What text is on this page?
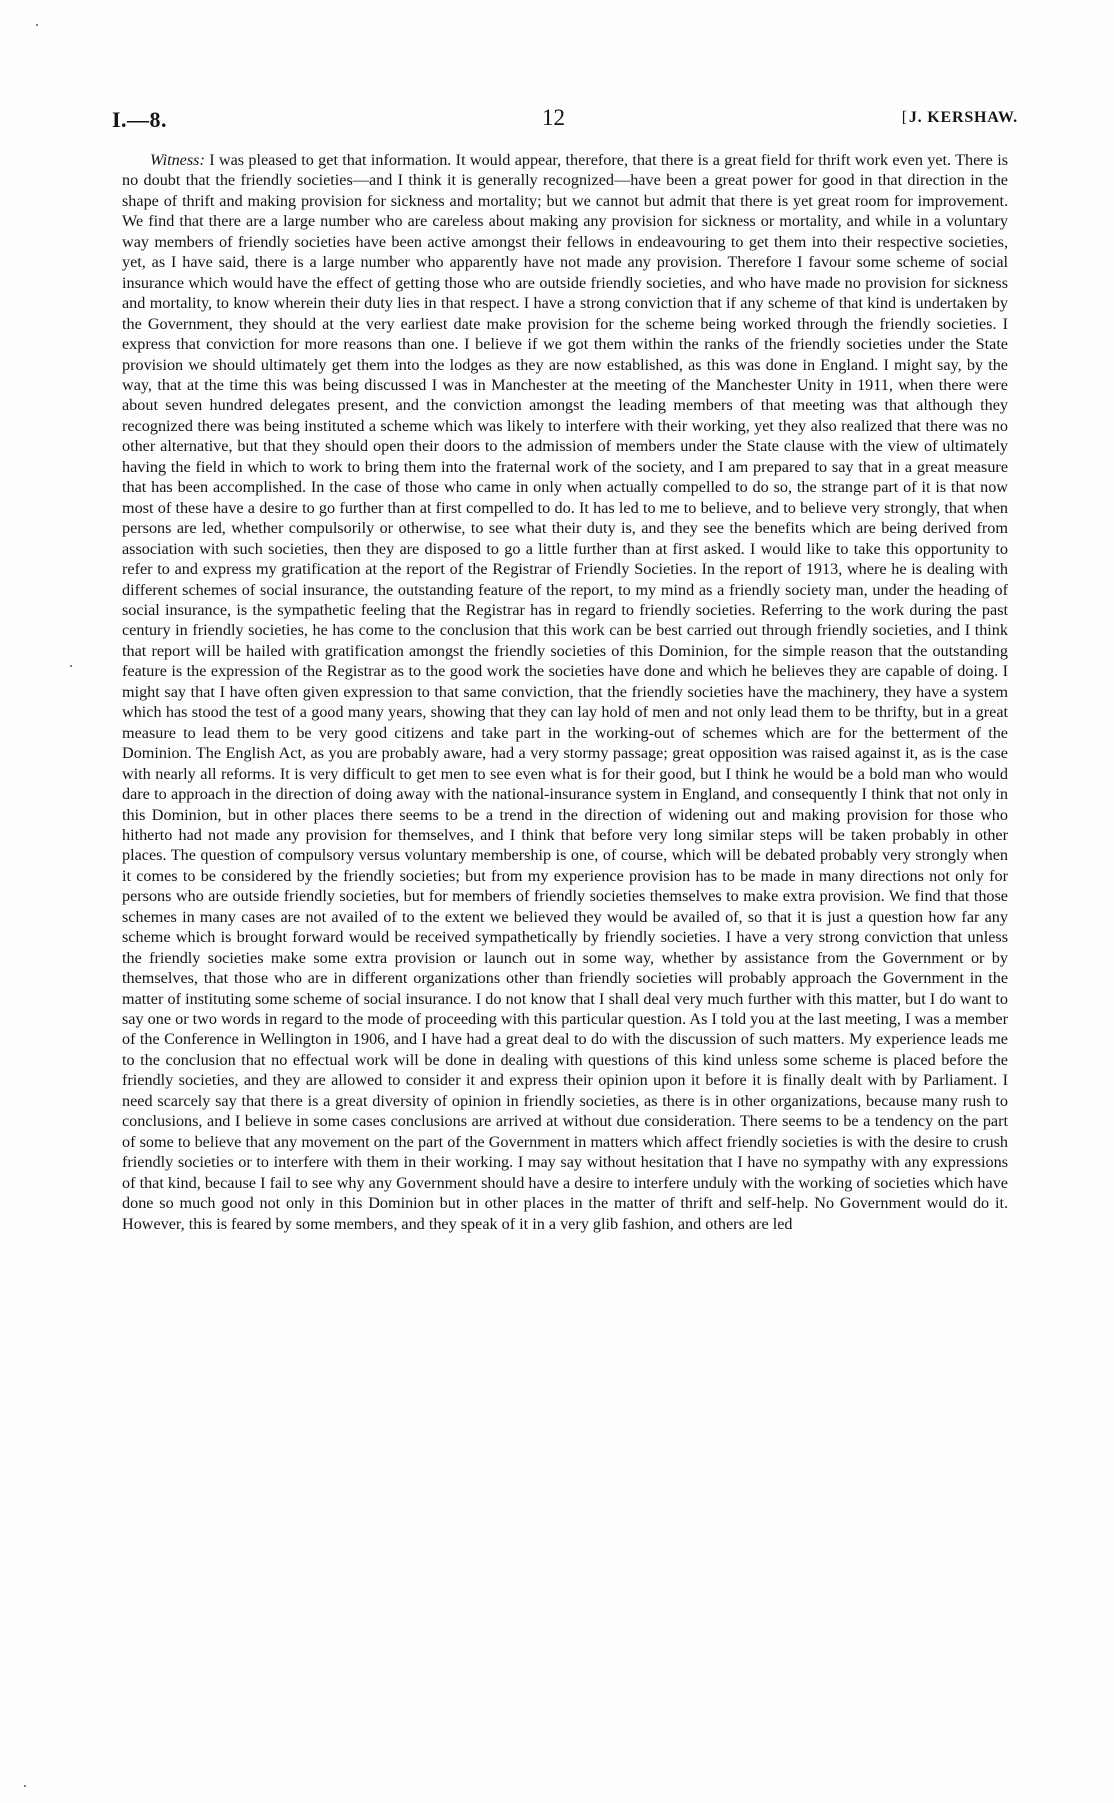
I.—8.	12	[J. KERSHAW.

Witness: I was pleased to get that information. It would appear, therefore, that there is a great field for thrift work even yet. There is no doubt that the friendly societies—and I think it is generally recognized—have been a great power for good in that direction in the shape of thrift and making provision for sickness and mortality; but we cannot but admit that there is yet great room for improvement. We find that there are a large number who are careless about making any provision for sickness or mortality, and while in a voluntary way members of friendly societies have been active amongst their fellows in endeavouring to get them into their respective societies, yet, as I have said, there is a large number who apparently have not made any provision. Therefore I favour some scheme of social insurance which would have the effect of getting those who are outside friendly societies, and who have made no provision for sickness and mortality, to know wherein their duty lies in that respect. I have a strong conviction that if any scheme of that kind is undertaken by the Government, they should at the very earliest date make provision for the scheme being worked through the friendly societies. I express that conviction for more reasons than one. I believe if we got them within the ranks of the friendly societies under the State provision we should ultimately get them into the lodges as they are now established, as this was done in England. I might say, by the way, that at the time this was being discussed I was in Manchester at the meeting of the Manchester Unity in 1911, when there were about seven hundred delegates present, and the conviction amongst the leading members of that meeting was that although they recognized there was being instituted a scheme which was likely to interfere with their working, yet they also realized that there was no other alternative, but that they should open their doors to the admission of members under the State clause with the view of ultimately having the field in which to work to bring them into the fraternal work of the society, and I am prepared to say that in a great measure that has been accomplished. In the case of those who came in only when actually compelled to do so, the strange part of it is that now most of these have a desire to go further than at first compelled to do. It has led to me to believe, and to believe very strongly, that when persons are led, whether compulsorily or otherwise, to see what their duty is, and they see the benefits which are being derived from association with such societies, then they are disposed to go a little further than at first asked. I would like to take this opportunity to refer to and express my gratification at the report of the Registrar of Friendly Societies. In the report of 1913, where he is dealing with different schemes of social insurance, the outstanding feature of the report, to my mind as a friendly society man, under the heading of social insurance, is the sympathetic feeling that the Registrar has in regard to friendly societies. Referring to the work during the past century in friendly societies, he has come to the conclusion that this work can be best carried out through friendly societies, and I think that report will be hailed with gratification amongst the friendly societies of this Dominion, for the simple reason that the outstanding feature is the expression of the Registrar as to the good work the societies have done and which he believes they are capable of doing. I might say that I have often given expression to that same conviction, that the friendly societies have the machinery, they have a system which has stood the test of a good many years, showing that they can lay hold of men and not only lead them to be thrifty, but in a great measure to lead them to be very good citizens and take part in the working-out of schemes which are for the betterment of the Dominion. The English Act, as you are probably aware, had a very stormy passage; great opposition was raised against it, as is the case with nearly all reforms. It is very difficult to get men to see even what is for their good, but I think he would be a bold man who would dare to approach in the direction of doing away with the national-insurance system in England, and consequently I think that not only in this Dominion, but in other places there seems to be a trend in the direction of widening out and making provision for those who hitherto had not made any provision for themselves, and I think that before very long similar steps will be taken probably in other places. The question of compulsory versus voluntary membership is one, of course, which will be debated probably very strongly when it comes to be considered by the friendly societies; but from my experience provision has to be made in many directions not only for persons who are outside friendly societies, but for members of friendly societies themselves to make extra provision. We find that those schemes in many cases are not availed of to the extent we believed they would be availed of, so that it is just a question how far any scheme which is brought forward would be received sympathetically by friendly societies. I have a very strong conviction that unless the friendly societies make some extra provision or launch out in some way, whether by assistance from the Government or by themselves, that those who are in different organizations other than friendly societies will probably approach the Government in the matter of instituting some scheme of social insurance. I do not know that I shall deal very much further with this matter, but I do want to say one or two words in regard to the mode of proceeding with this particular question. As I told you at the last meeting, I was a member of the Conference in Wellington in 1906, and I have had a great deal to do with the discussion of such matters. My experience leads me to the conclusion that no effectual work will be done in dealing with questions of this kind unless some scheme is placed before the friendly societies, and they are allowed to consider it and express their opinion upon it before it is finally dealt with by Parliament. I need scarcely say that there is a great diversity of opinion in friendly societies, as there is in other organizations, because many rush to conclusions, and I believe in some cases conclusions are arrived at without due consideration. There seems to be a tendency on the part of some to believe that any movement on the part of the Government in matters which affect friendly societies is with the desire to crush friendly societies or to interfere with them in their working. I may say without hesitation that I have no sympathy with any expressions of that kind, because I fail to see why any Government should have a desire to interfere unduly with the working of societies which have done so much good not only in this Dominion but in other places in the matter of thrift and self-help. No Government would do it. However, this is feared by some members, and they speak of it in a very glib fashion, and others are led
